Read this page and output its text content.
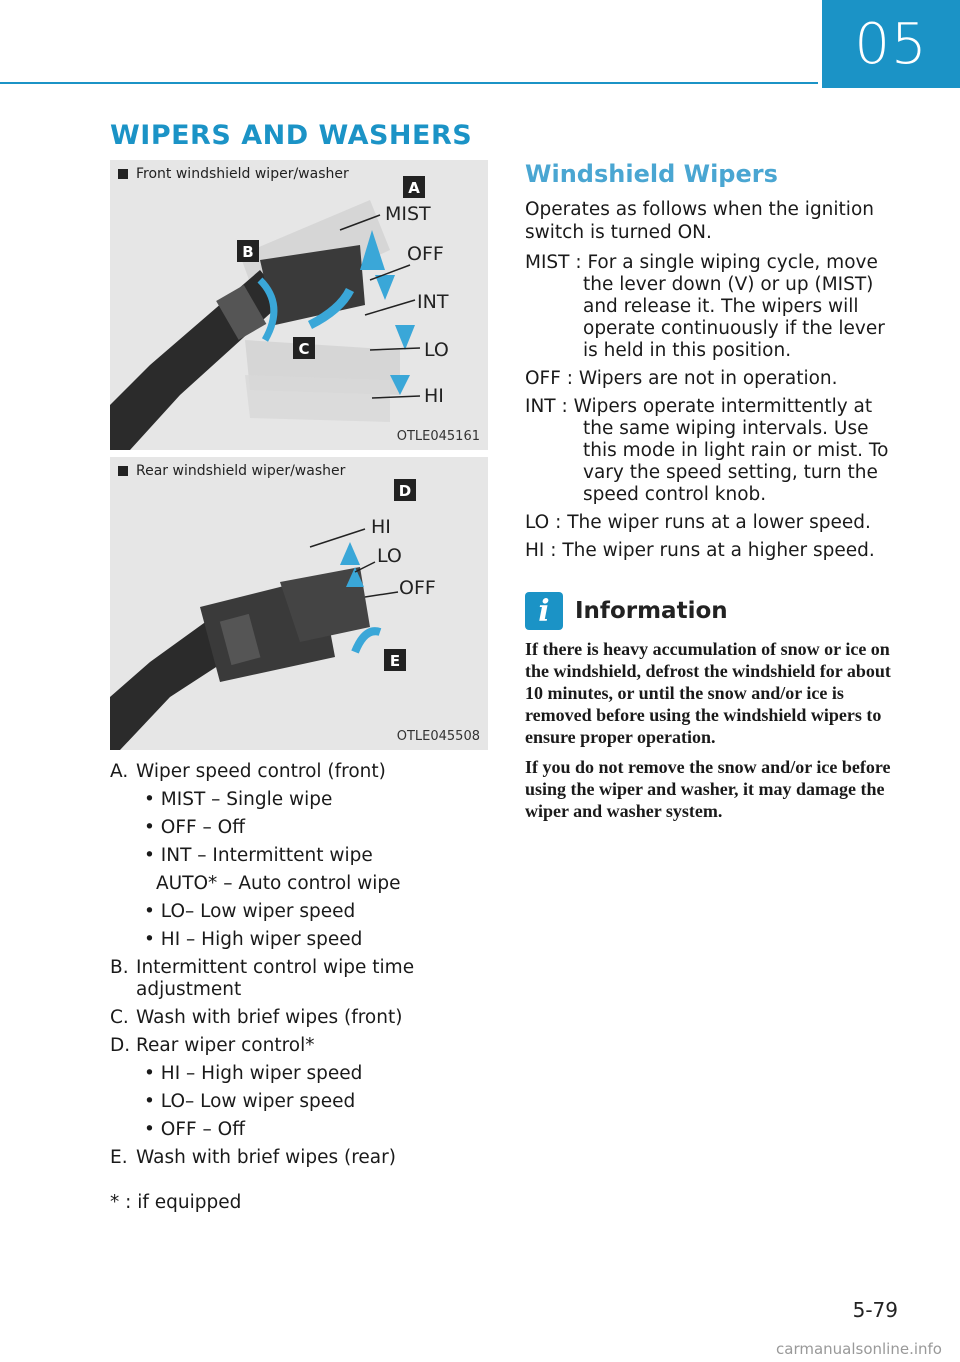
05
WIPERS AND WASHERS
A
B
C
MIST
OFF
INT
LO
HI
Front windshield wiper/washer
OTLE045161
D
E
HI
LO
OFF
Rear windshield wiper/washer
OTLE045508
A. Wiper speed control (front)
• MIST – Single wipe
• OFF – Off
• INT – Intermittent wipe
AUTO* – Auto control wipe
• LO– Low wiper speed
• HI – High wiper speed
B. Intermittent control wipe time adjustment
C. Wash with brief wipes (front)
D. Rear wiper control*
• HI – High wiper speed
• LO– Low wiper speed
• OFF – Off
E. Wash with brief wipes (rear)
* : if equipped
Windshield Wipers
Operates as follows when the ignition switch is turned ON.
MIST : For a single wiping cycle, move
the lever down (V) or up (MIST) and release it. The wipers will operate continuously if the lever is held in this position.
OFF : Wipers are not in operation.
INT : Wipers operate intermittently at
the same wiping intervals. Use this mode in light rain or mist. To vary the speed setting, turn the speed control knob.
LO : The wiper runs at a lower speed.
HI : The wiper runs at a higher speed.
i	Information
If there is heavy accumulation of snow or ice on the windshield, defrost the windshield for about 10 minutes, or until the snow and/or ice is removed before using the windshield wipers to ensure proper operation.
If you do not remove the snow and/or ice before using the wiper and washer, it may damage the wiper and washer system.
5-79
carmanualsonline.info
